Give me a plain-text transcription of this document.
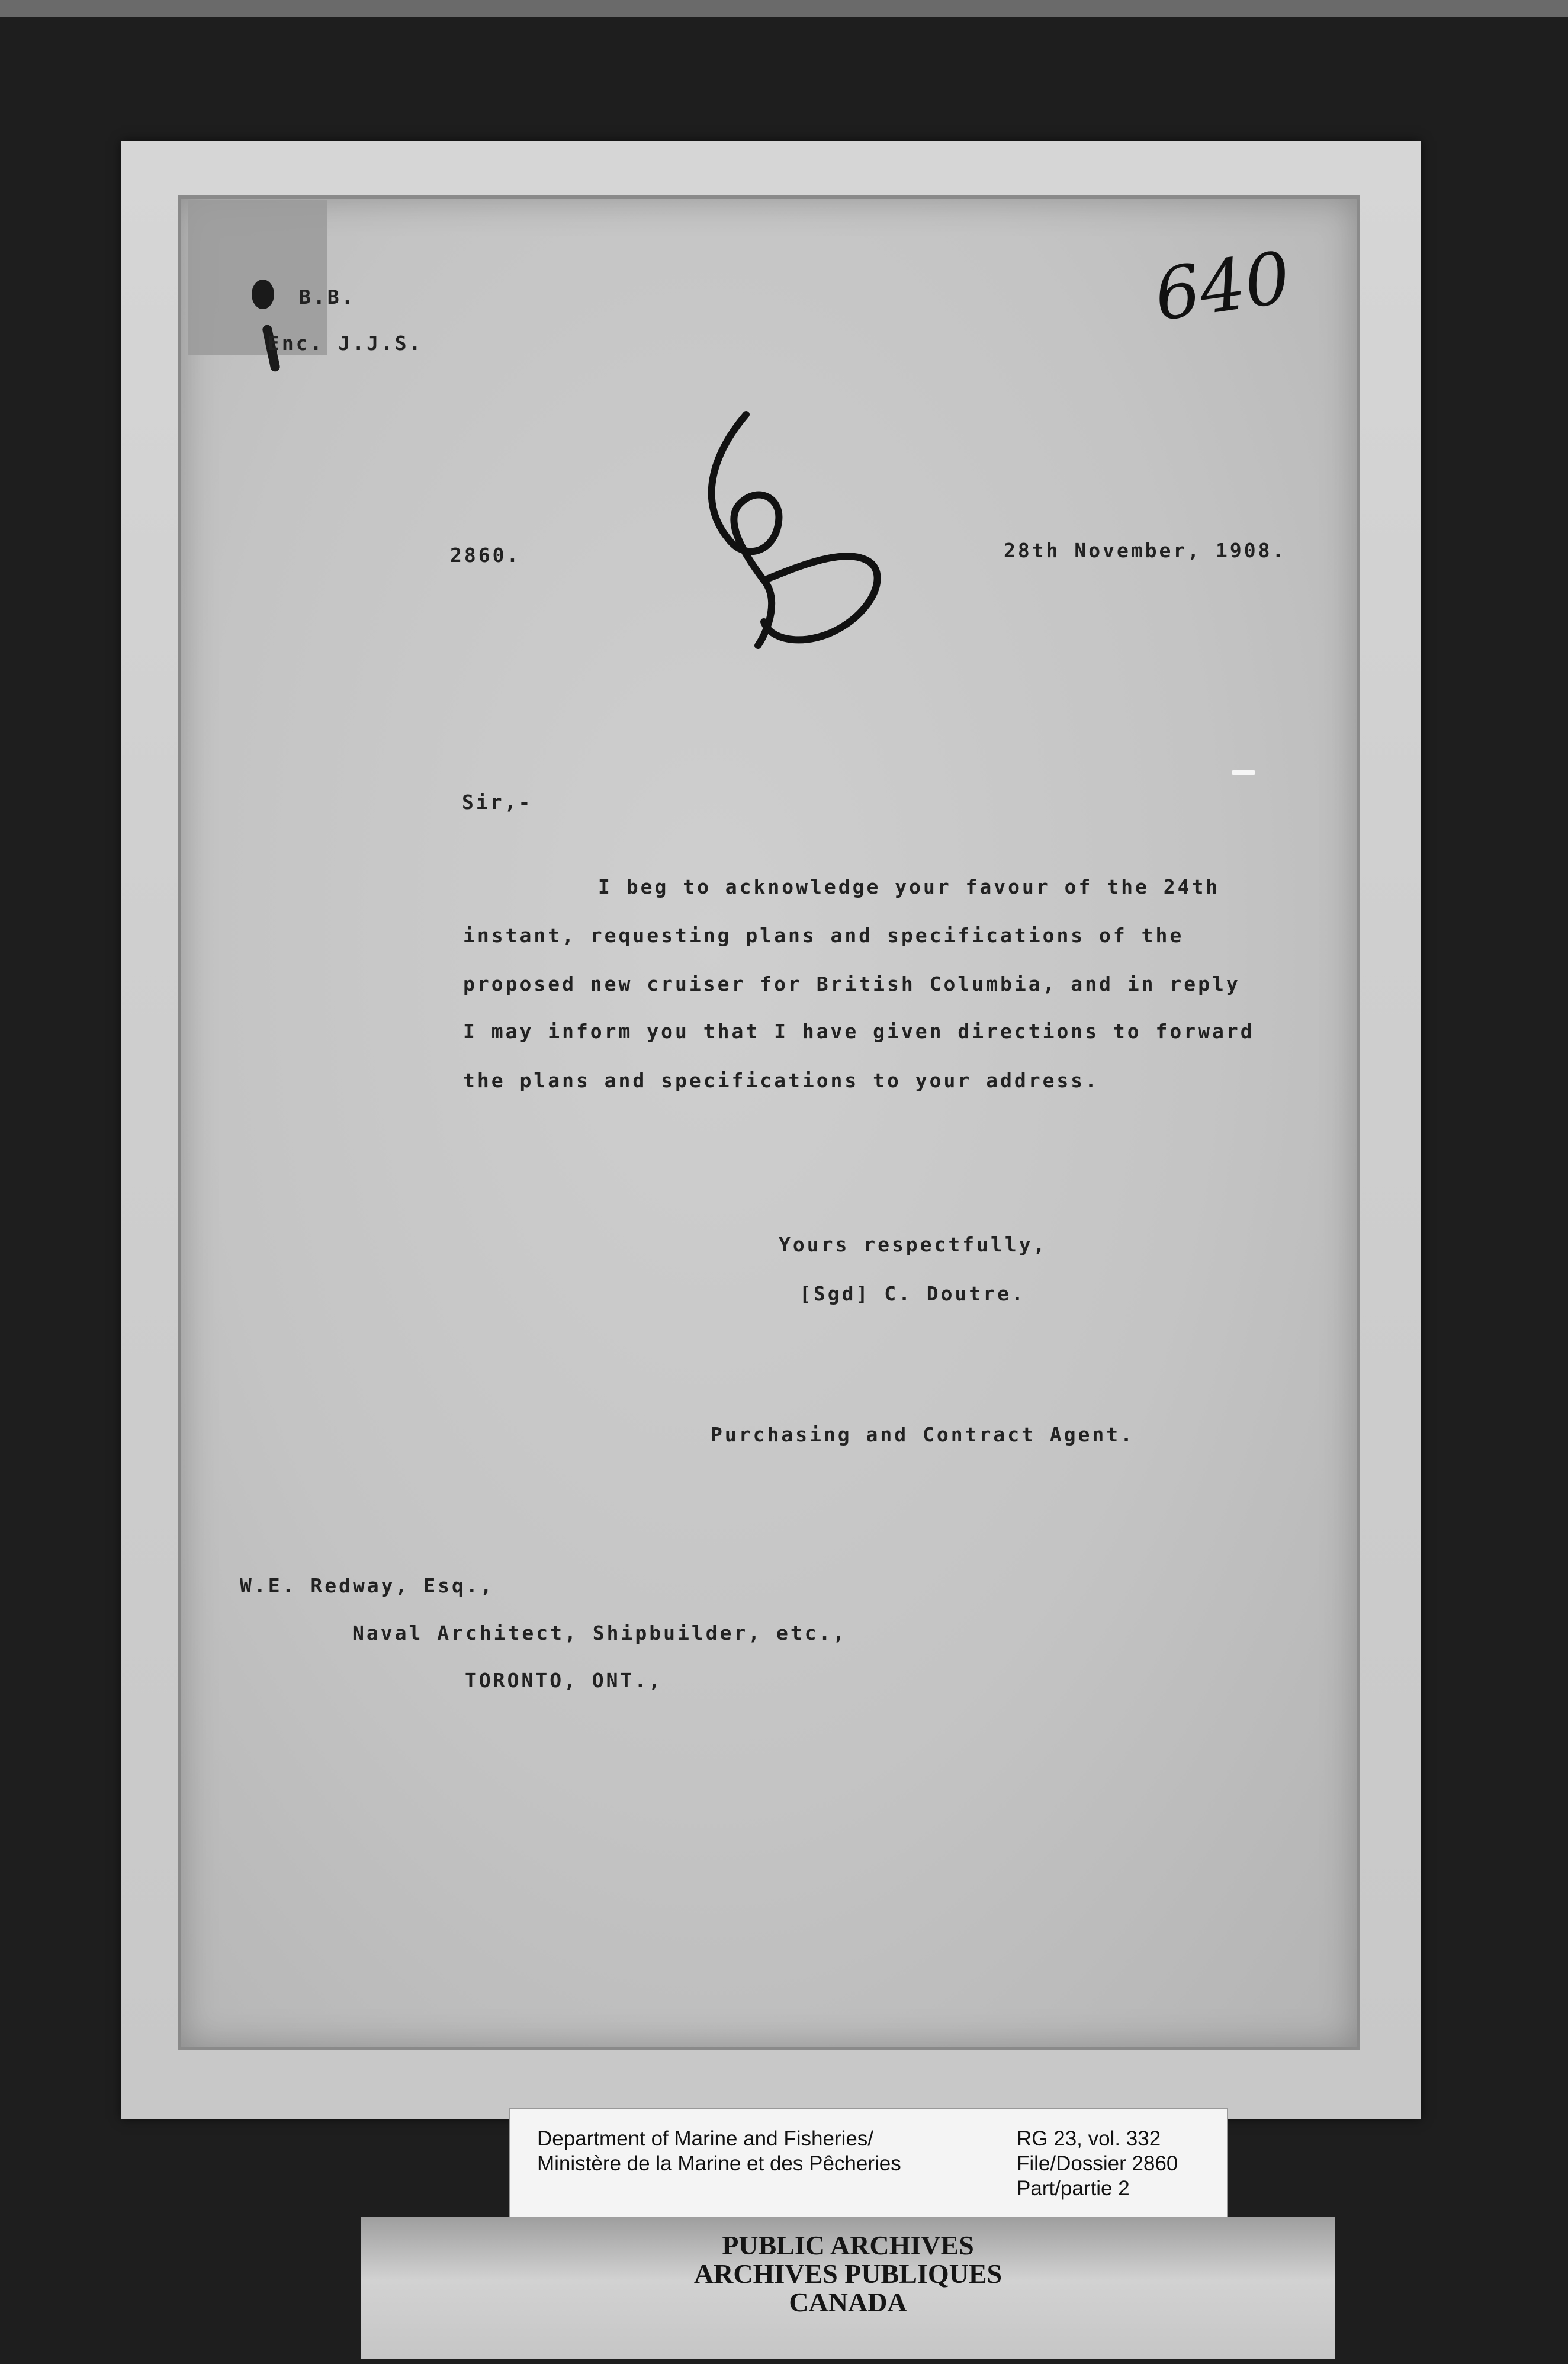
B.B.
Enc. J.J.S.
640
2860.	28th November, 1908.
Sir,-
I beg to acknowledge your favour of the 24th
instant, requesting plans and specifications of the
proposed new cruiser for British Columbia, and in reply
I may inform you that I have given directions to forward
the plans and specifications to your address.
Yours respectfully,
[Sgd] C. Doutre.
Purchasing and Contract Agent.
W.E. Redway, Esq.,
Naval Architect, Shipbuilder, etc.,
TORONTO, ONT.,
Department of Marine and Fisheries/
Ministère de la Marine et des Pêcheries
RG 23, vol. 332
File/Dossier 2860
Part/partie 2
PUBLIC ARCHIVES
ARCHIVES PUBLIQUES
CANADA
